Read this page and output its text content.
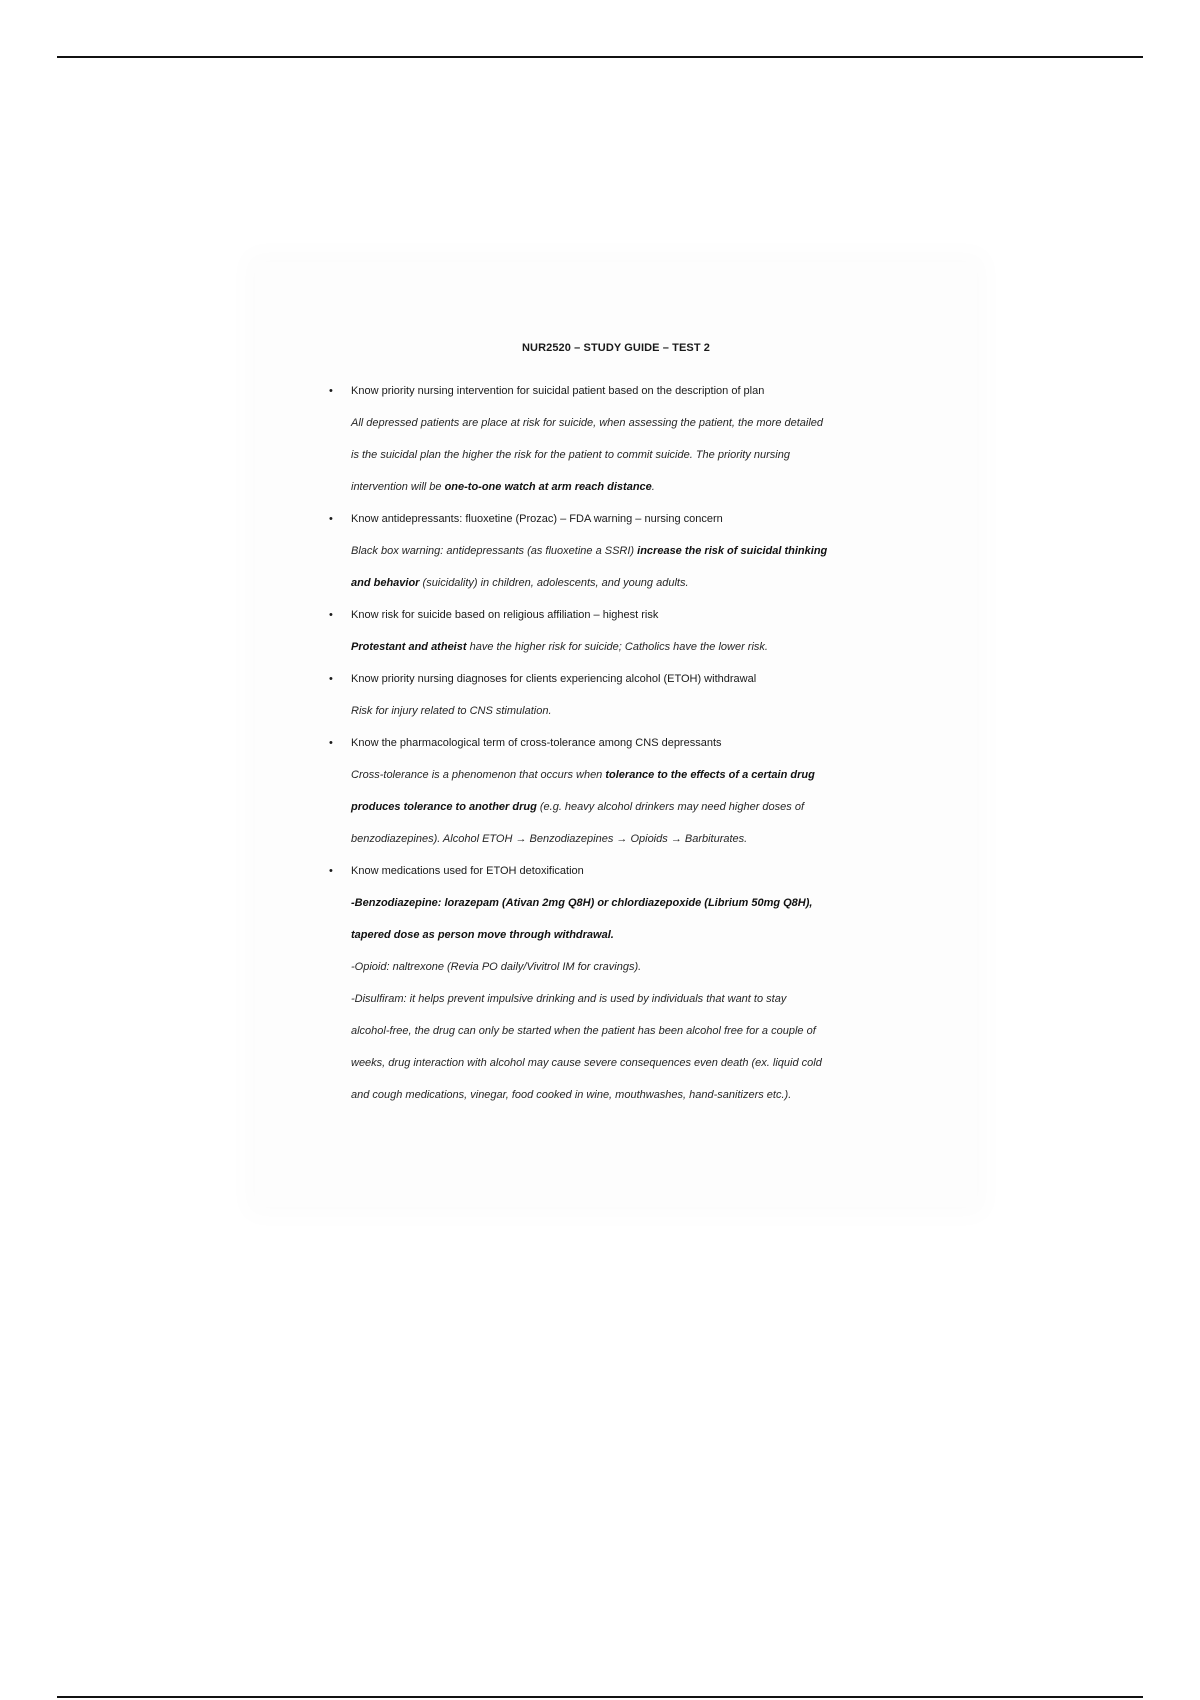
NUR2520 – STUDY GUIDE – TEST 2
• Know priority nursing intervention for suicidal patient based on the description of plan
All depressed patients are place at risk for suicide, when assessing the patient, the more detailed
is the suicidal plan the higher the risk for the patient to commit suicide. The priority nursing
intervention will be one-to-one watch at arm reach distance.
• Know antidepressants: fluoxetine (Prozac) – FDA warning – nursing concern
Black box warning: antidepressants (as fluoxetine a SSRI) increase the risk of suicidal thinking
and behavior (suicidality) in children, adolescents, and young adults.
• Know risk for suicide based on religious affiliation – highest risk
Protestant and atheist have the higher risk for suicide; Catholics have the lower risk.
• Know priority nursing diagnoses for clients experiencing alcohol (ETOH) withdrawal
Risk for injury related to CNS stimulation.
• Know the pharmacological term of cross-tolerance among CNS depressants
Cross-tolerance is a phenomenon that occurs when tolerance to the effects of a certain drug
produces tolerance to another drug (e.g. heavy alcohol drinkers may need higher doses of
benzodiazepines). Alcohol ETOH → Benzodiazepines → Opioids → Barbiturates.
• Know medications used for ETOH detoxification
-Benzodiazepine: lorazepam (Ativan 2mg Q8H) or chlordiazepoxide (Librium 50mg Q8H),
tapered dose as person move through withdrawal.
-Opioid: naltrexone (Revia PO daily/Vivitrol IM for cravings).
-Disulfiram: it helps prevent impulsive drinking and is used by individuals that want to stay
alcohol-free, the drug can only be started when the patient has been alcohol free for a couple of
weeks, drug interaction with alcohol may cause severe consequences even death (ex. liquid cold
and cough medications, vinegar, food cooked in wine, mouthwashes, hand-sanitizers etc.).
